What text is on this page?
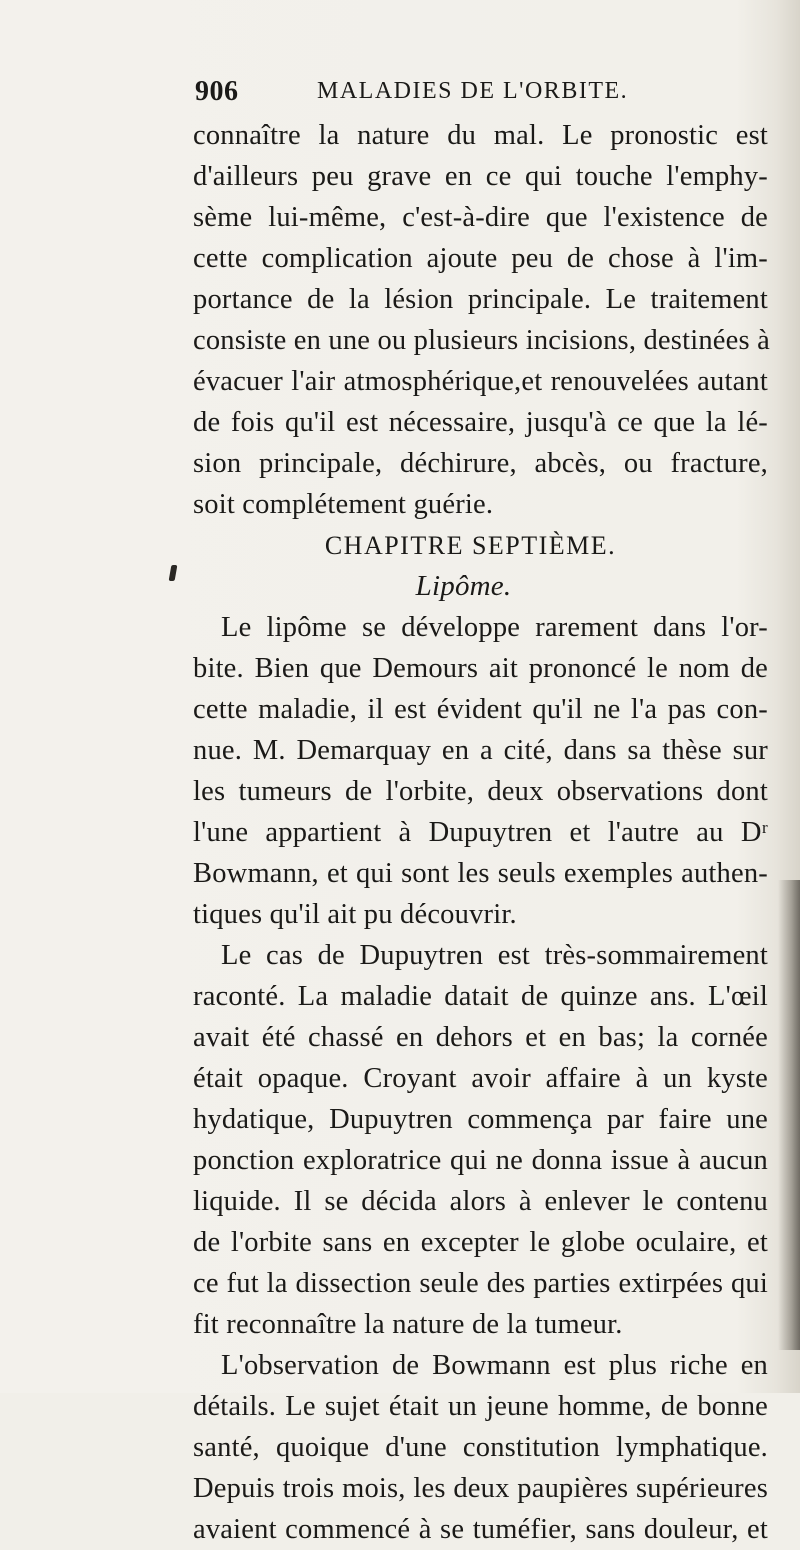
906	MALADIES DE L'ORBITE.
connaître la nature du mal. Le pronostic est
d'ailleurs peu grave en ce qui touche l'emphy-
sème lui-même, c'est-à-dire que l'existence de
cette complication ajoute peu de chose à l'im-
portance de la lésion principale. Le traitement
consiste en une ou plusieurs incisions, destinées à
évacuer l'air atmosphérique,et renouvelées autant
de fois qu'il est nécessaire, jusqu'à ce que la lé-
sion principale, déchirure, abcès, ou fracture,
soit complétement guérie.
CHAPITRE SEPTIÈME.
Lipôme.
Le lipôme se développe rarement dans l'or-
bite. Bien que Demours ait prononcé le nom de
cette maladie, il est évident qu'il ne l'a pas con-
nue. M. Demarquay en a cité, dans sa thèse sur
les tumeurs de l'orbite, deux observations dont
l'une appartient à Dupuytren et l'autre au Dʳ
Bowmann, et qui sont les seuls exemples authen-
tiques qu'il ait pu découvrir.
Le cas de Dupuytren est très-sommairement
raconté. La maladie datait de quinze ans. L'œil
avait été chassé en dehors et en bas; la cornée
était opaque. Croyant avoir affaire à un kyste
hydatique, Dupuytren commença par faire une
ponction exploratrice qui ne donna issue à aucun
liquide. Il se décida alors à enlever le contenu
de l'orbite sans en excepter le globe oculaire, et
ce fut la dissection seule des parties extirpées qui
fit reconnaître la nature de la tumeur.
L'observation de Bowmann est plus riche en
détails. Le sujet était un jeune homme, de bonne
santé, quoique d'une constitution lymphatique.
Depuis trois mois, les deux paupières supérieures
avaient commencé à se tuméfier, sans douleur, et
